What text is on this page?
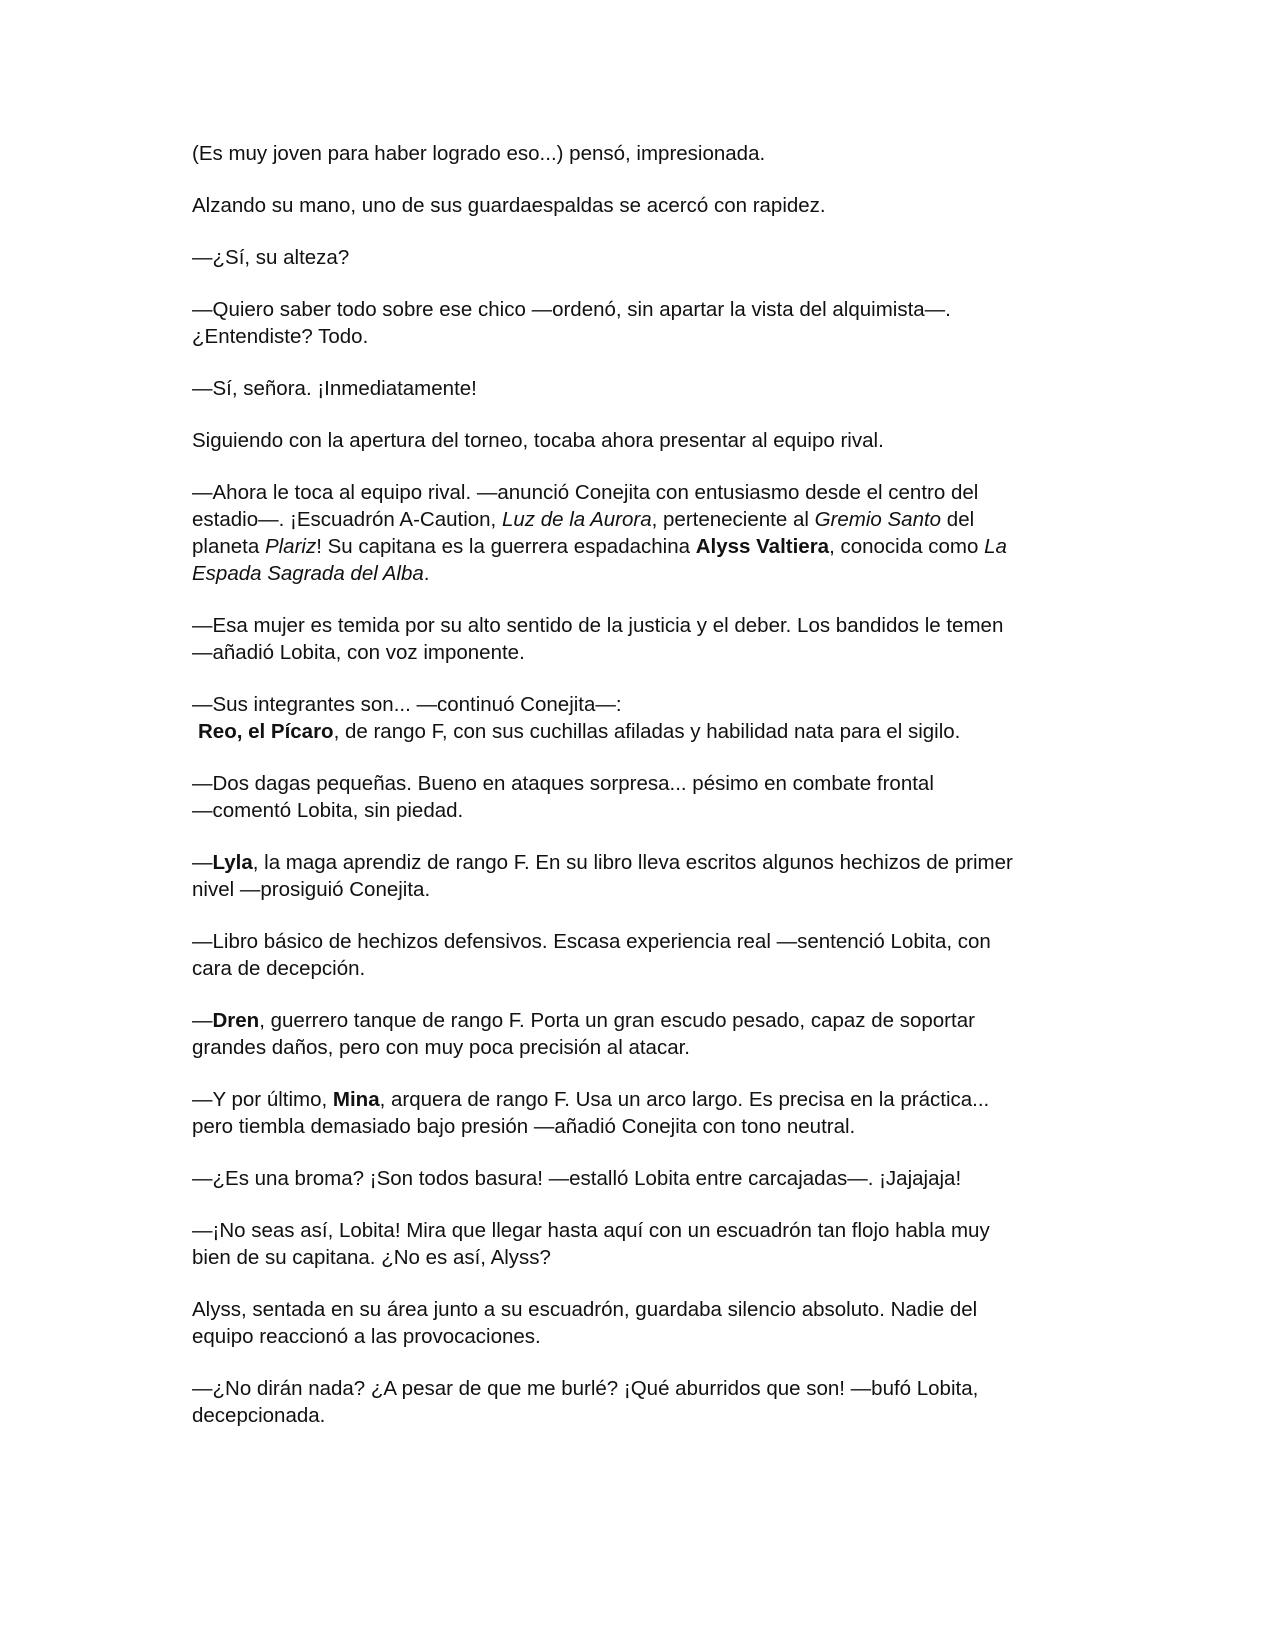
(Es muy joven para haber logrado eso...) pensó, impresionada.

Alzando su mano, uno de sus guardaespaldas se acercó con rapidez.

—¿Sí, su alteza?

—Quiero saber todo sobre ese chico —ordenó, sin apartar la vista del alquimista—.
¿Entendiste? Todo.

—Sí, señora. ¡Inmediatamente!

Siguiendo con la apertura del torneo, tocaba ahora presentar al equipo rival.

—Ahora le toca al equipo rival. —anunció Conejita con entusiasmo desde el centro del
estadio—. ¡Escuadrón A-Caution, Luz de la Aurora, perteneciente al Gremio Santo del
planeta Plariz! Su capitana es la guerrera espadachina Alyss Valtiera, conocida como La
Espada Sagrada del Alba.

—Esa mujer es temida por su alto sentido de la justicia y el deber. Los bandidos le temen
—añadió Lobita, con voz imponente.

—Sus integrantes son... —continuó Conejita—:
Reo, el Pícaro, de rango F, con sus cuchillas afiladas y habilidad nata para el sigilo.

—Dos dagas pequeñas. Bueno en ataques sorpresa... pésimo en combate frontal
—comentó Lobita, sin piedad.

—Lyla, la maga aprendiz de rango F. En su libro lleva escritos algunos hechizos de primer
nivel —prosiguió Conejita.

—Libro básico de hechizos defensivos. Escasa experiencia real —sentenció Lobita, con
cara de decepción.

—Dren, guerrero tanque de rango F. Porta un gran escudo pesado, capaz de soportar
grandes daños, pero con muy poca precisión al atacar.

—Y por último, Mina, arquera de rango F. Usa un arco largo. Es precisa en la práctica...
pero tiembla demasiado bajo presión —añadió Conejita con tono neutral.

—¿Es una broma? ¡Son todos basura! —estalló Lobita entre carcajadas—. ¡Jajajaja!

—¡No seas así, Lobita! Mira que llegar hasta aquí con un escuadrón tan flojo habla muy
bien de su capitana. ¿No es así, Alyss?

Alyss, sentada en su área junto a su escuadrón, guardaba silencio absoluto. Nadie del
equipo reaccionó a las provocaciones.

—¿No dirán nada? ¿A pesar de que me burlé? ¡Qué aburridos que son! —bufó Lobita,
decepcionada.
